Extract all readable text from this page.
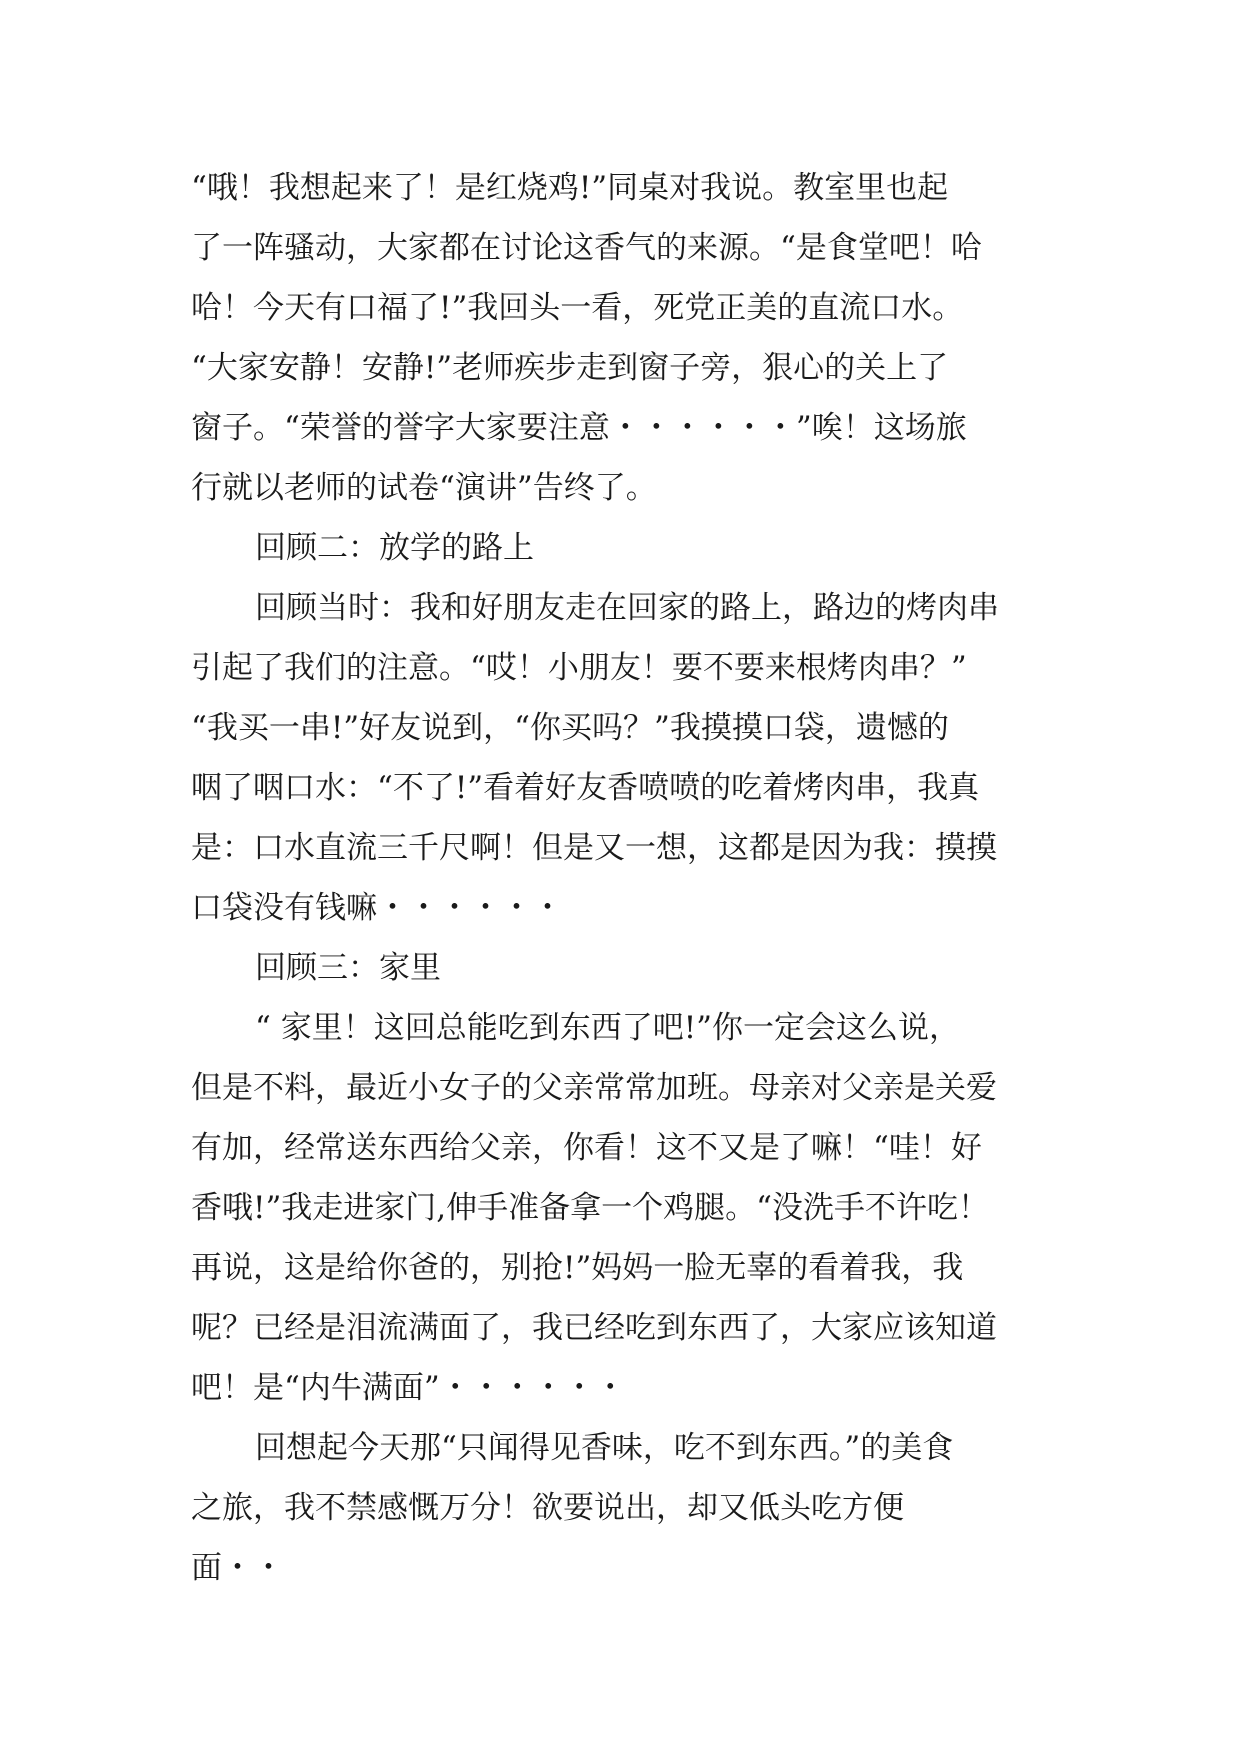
“哦！我想起来了！是红烧鸡!”同桌对我说。教室里也起
了一阵骚动，大家都在讨论这香气的来源。“是食堂吧！哈
哈！今天有口福了!”我回头一看，死党正美的直流口水。
“大家安静！安静!”老师疾步走到窗子旁，狠心的关上了
窗子。“荣誉的誉字大家要注意・・・・・・”唉！这场旅
行就以老师的试卷“演讲”告终了。
回顾二：放学的路上
回顾当时：我和好朋友走在回家的路上，路边的烤肉串
引起了我们的注意。“哎！小朋友！要不要来根烤肉串？”
“我买一串!”好友说到，“你买吗？”我摸摸口袋，遗憾的
咽了咽口水：“不了!”看着好友香喷喷的吃着烤肉串，我真
是：口水直流三千尺啊！但是又一想，这都是因为我：摸摸
口袋没有钱嘛・・・・・・
回顾三：家里
“ 家里！这回总能吃到东西了吧!”你一定会这么说，
但是不料，最近小女子的父亲常常加班。母亲对父亲是关爱
有加，经常送东西给父亲，你看！这不又是了嘛！“哇！好
香哦!”我走进家门,伸手准备拿一个鸡腿。“没洗手不许吃！
再说，这是给你爸的，别抢!”妈妈一脸无辜的看着我，我
呢？已经是泪流满面了，我已经吃到东西了，大家应该知道
吧！是“内牛满面”・・・・・・
回想起今天那“只闻得见香味，吃不到东西。”的美食
之旅，我不禁感慨万分！欲要说出，却又低头吃方便
面・・
